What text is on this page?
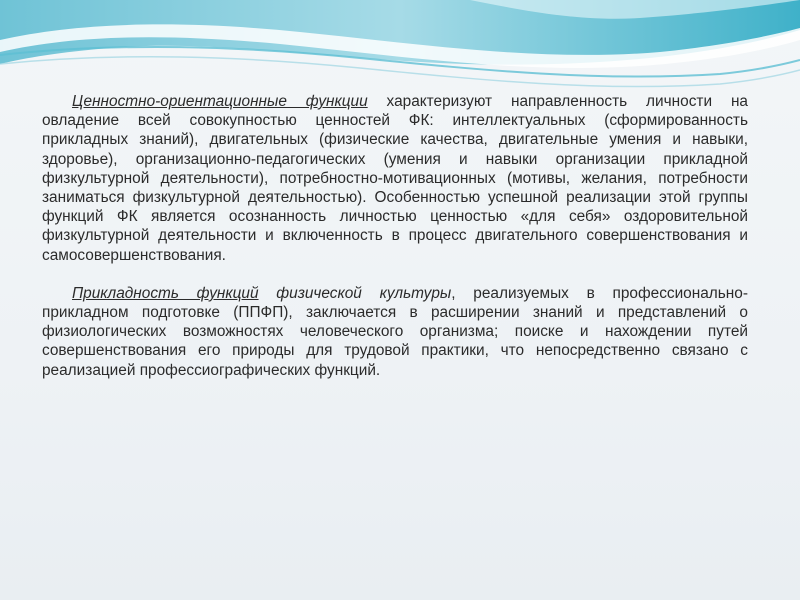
Ценностно-ориентационные функции характеризуют направленность личности на овладение всей совокупностью ценностей ФК: интеллектуальных (сформированность прикладных знаний), двигательных (физические качества, двигательные умения и навыки, здоровье), организационно-педагогических (умения и навыки организации прикладной физкультурной деятельности), потребностно-мотивационных (мотивы, желания, потребности заниматься физкультурной деятельностью). Особенностью успешной реализации этой группы функций ФК является осознанность личностью ценностью «для себя» оздоровительной физкультурной деятельности и включенность в процесс двигательного совершенствования и самосовершенствования.

Прикладность функций физической культуры, реализуемых в профессионально-прикладном подготовке (ППФП), заключается в расширении знаний и представлений о физиологических возможностях человеческого организма; поиске и нахождении путей совершенствования его природы для трудовой практики, что непосредственно связано с реализацией профессиографических функций.
